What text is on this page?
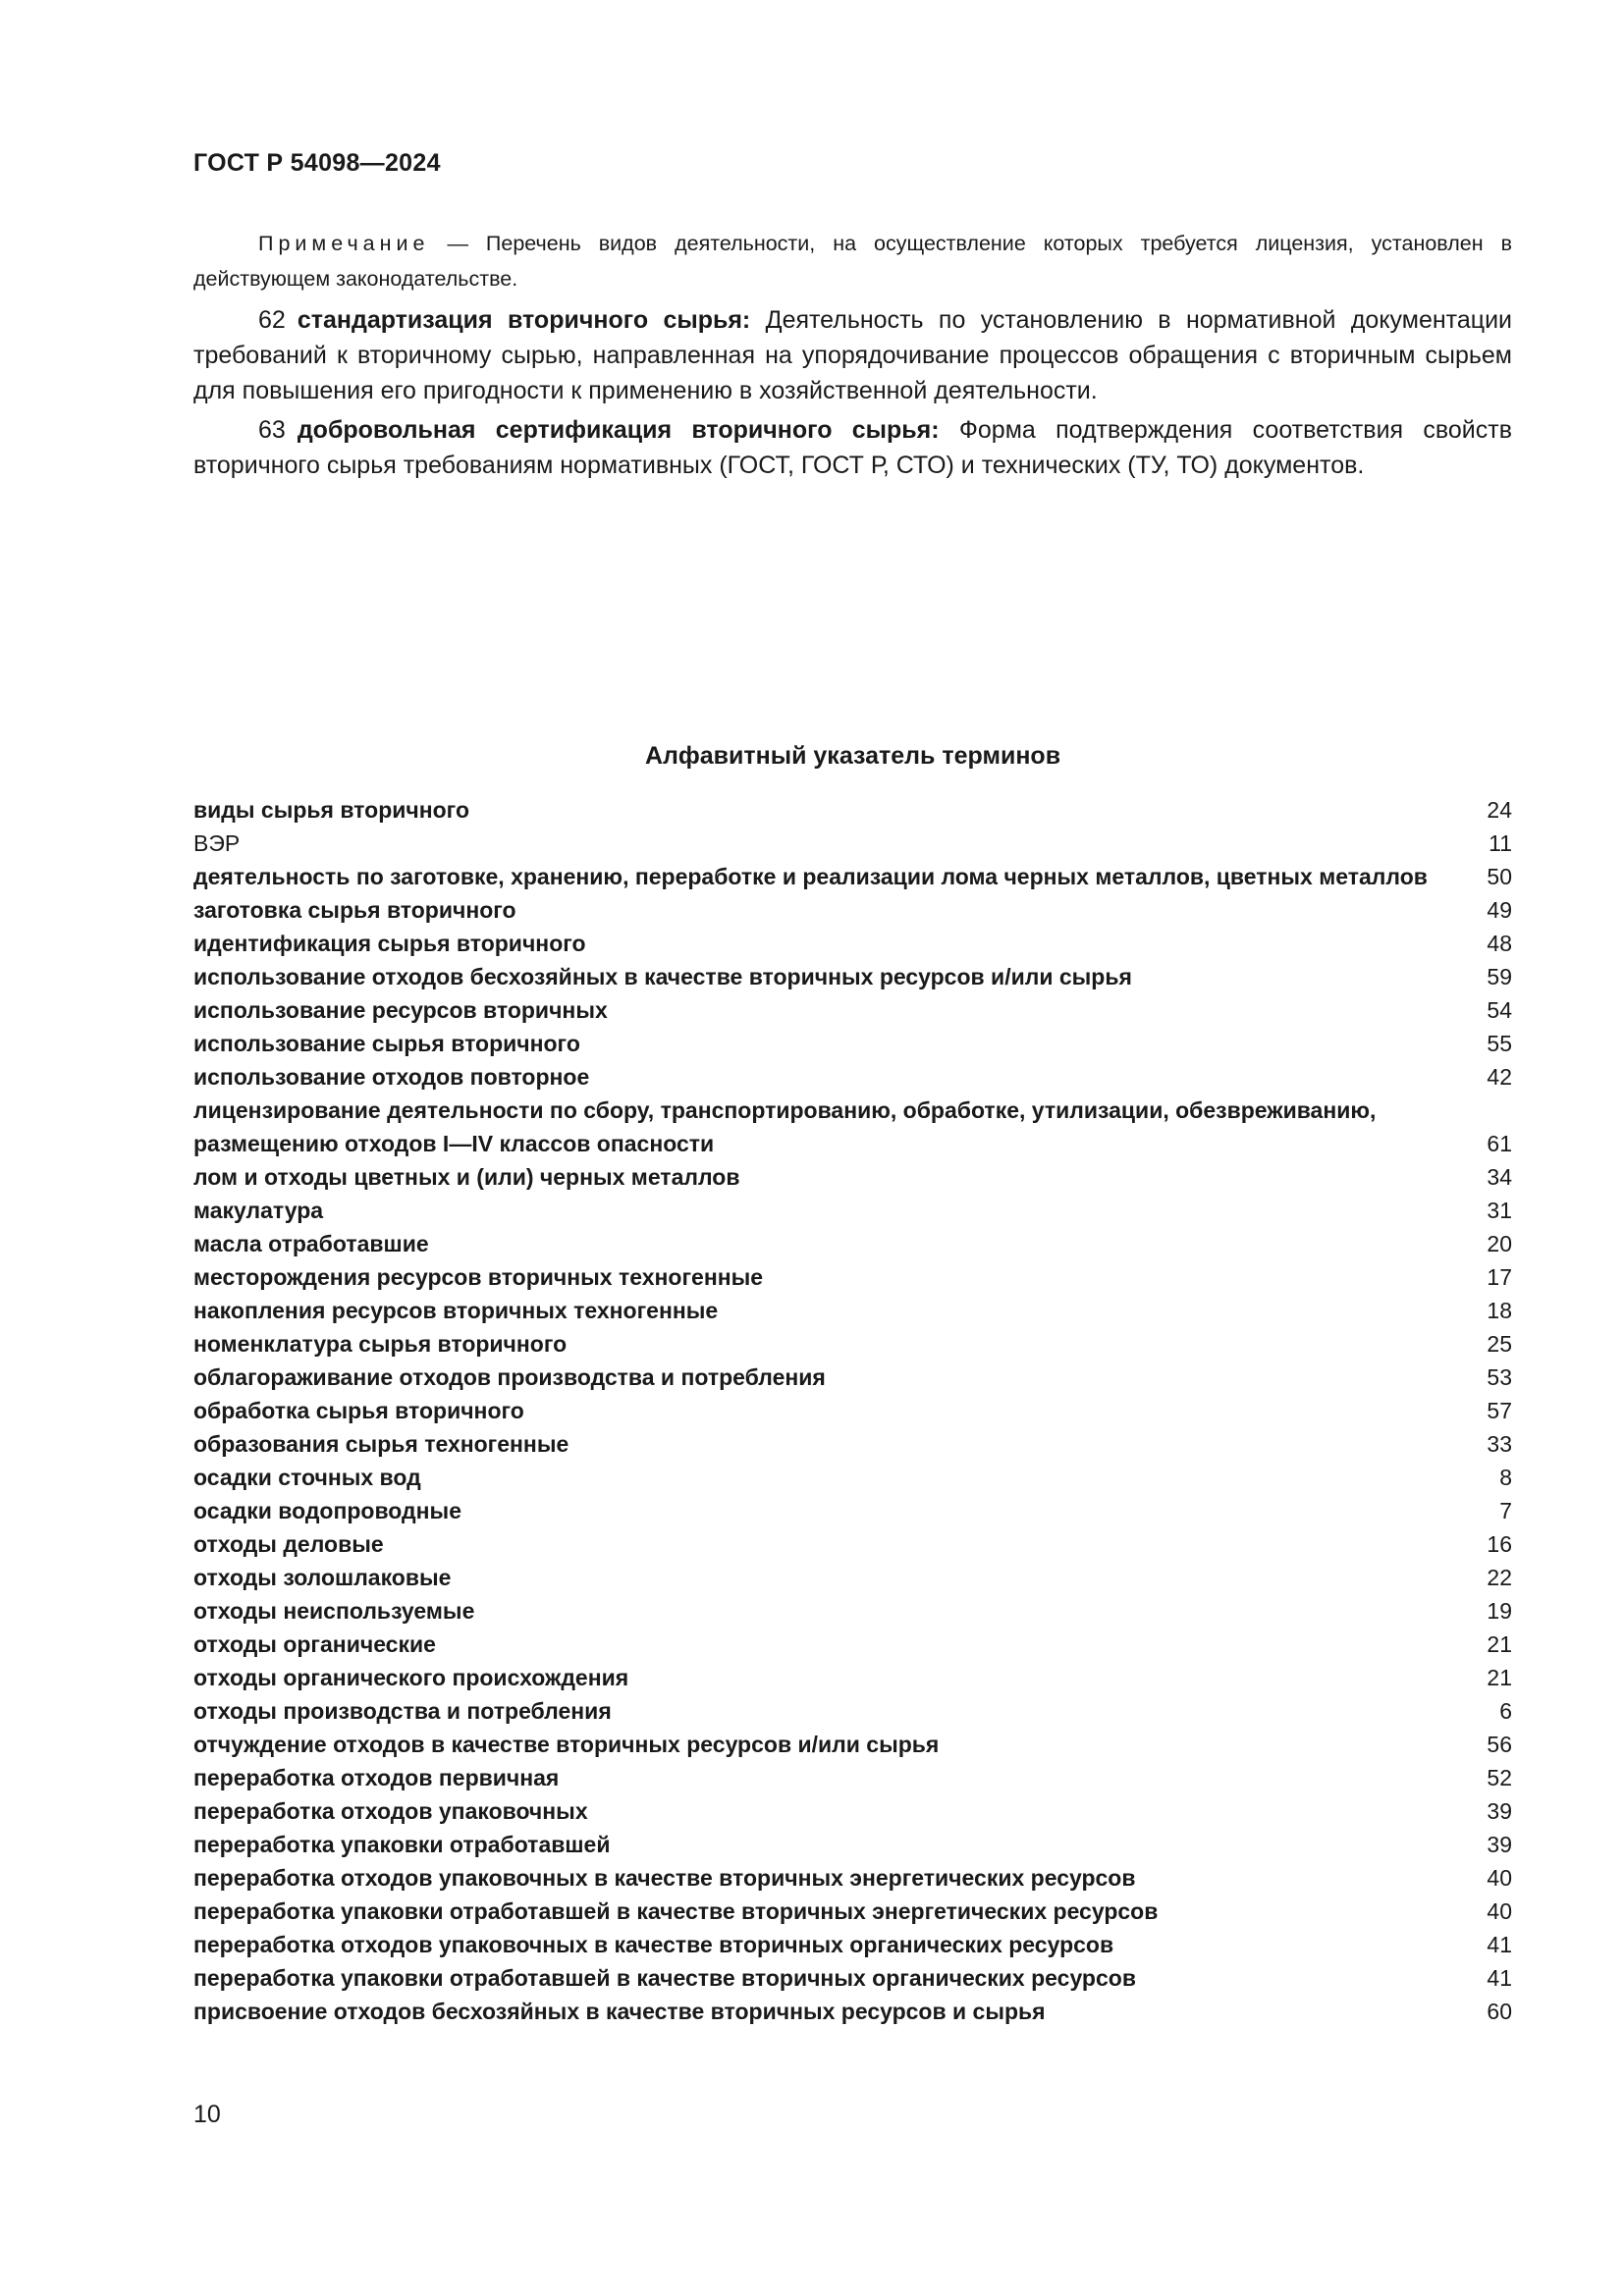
ГОСТ Р 54098—2024
Примечание — Перечень видов деятельности, на осуществление которых требуется лицензия, установлен в действующем законодательстве.
62 стандартизация вторичного сырья: Деятельность по установлению в нормативной документации требований к вторичному сырью, направленная на упорядочивание процессов обращения с вторичным сырьем для повышения его пригодности к применению в хозяйственной деятельности.
63 добровольная сертификация вторичного сырья: Форма подтверждения соответствия свойств вторичного сырья требованиям нормативных (ГОСТ, ГОСТ Р, СТО) и технических (ТУ, ТО) документов.
Алфавитный указатель терминов
виды сырья вторичного	24
ВЭР	11
деятельность по заготовке, хранению, переработке и реализации лома черных металлов, цветных металлов	50
заготовка сырья вторичного	49
идентификация сырья вторичного	48
использование отходов бесхозяйных в качестве вторичных ресурсов и/или сырья	59
использование ресурсов вторичных	54
использование сырья вторичного	55
использование отходов повторное	42
лицензирование деятельности по сбору, транспортированию, обработке, утилизации, обезвреживанию, размещению отходов I—IV классов опасности	61
лом и отходы цветных и (или) черных металлов	34
макулатура	31
масла отработавшие	20
месторождения ресурсов вторичных техногенные	17
накопления ресурсов вторичных техногенные	18
номенклатура сырья вторичного	25
облагораживание отходов производства и потребления	53
обработка сырья вторичного	57
образования сырья техногенные	33
осадки сточных вод	8
осадки водопроводные	7
отходы деловые	16
отходы золошлаковые	22
отходы неиспользуемые	19
отходы органические	21
отходы органического происхождения	21
отходы производства и потребления	6
отчуждение отходов в качестве вторичных ресурсов и/или сырья	56
переработка отходов первичная	52
переработка отходов упаковочных	39
переработка упаковки отработавшей	39
переработка отходов упаковочных в качестве вторичных энергетических ресурсов	40
переработка упаковки отработавшей в качестве вторичных энергетических ресурсов	40
переработка отходов упаковочных в качестве вторичных органических ресурсов	41
переработка упаковки отработавшей в качестве вторичных органических ресурсов	41
присвоение отходов бесхозяйных в качестве вторичных ресурсов и сырья	60
10
